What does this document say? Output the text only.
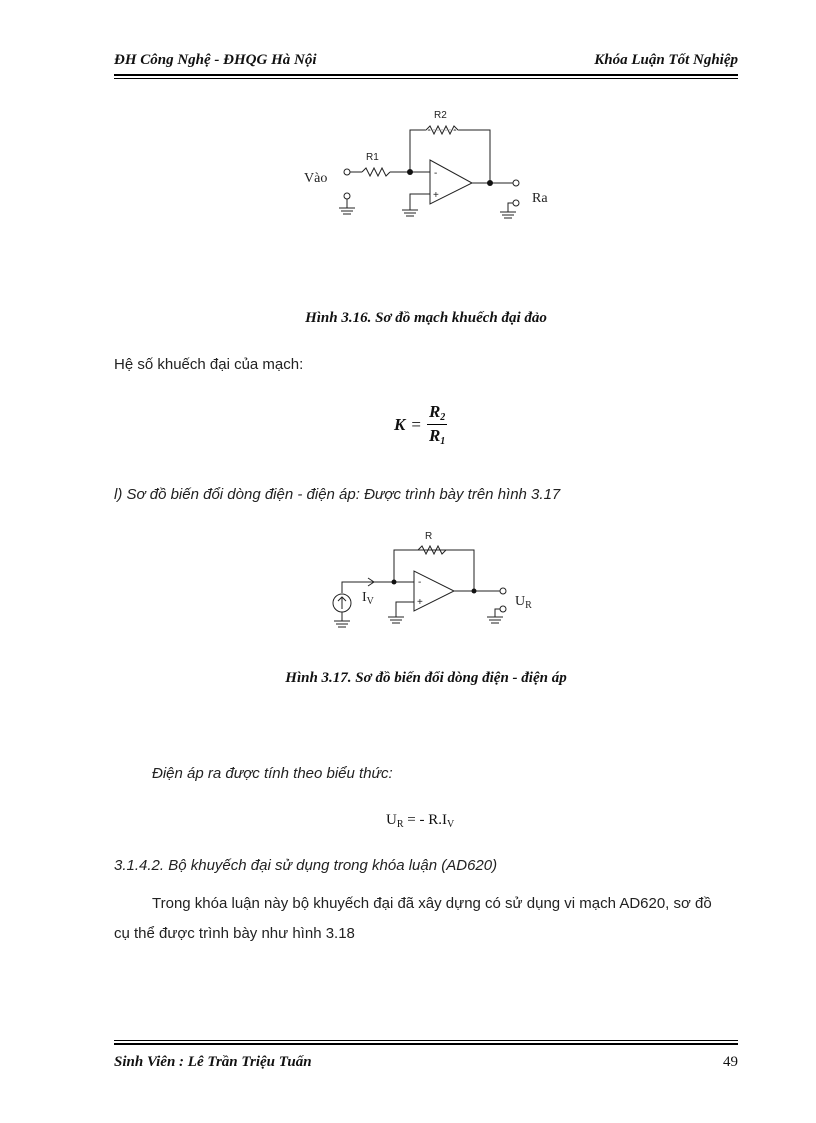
ĐH Công Nghệ - ĐHQG Hà Nội	Khóa Luận Tốt Nghiệp
R2
R1
Vào	-
+	Ra
Hình 3.16. Sơ đồ mạch khuếch đại đảo
Hệ số khuếch đại của mạch:
$K = \frac{R_2}{R_1}$
l) Sơ đồ biến đổi dòng điện - điện áp: Được trình bày trên hình 3.17
R
$I_V$
-
+	$U_R$
Hình 3.17. Sơ đồ biến đổi dòng điện - điện áp
Điện áp ra được tính theo biểu thức:
$U_R$ = - $R.I_V$
3.1.4.2. Bộ khuyếch đại sử dụng trong khóa luận (AD620)
Trong khóa luận này bộ khuyếch đại đã xây dựng có sử dụng vi mạch AD620, sơ đồ
cụ thể được trình bày như hình 3.18
Sinh Viên : Lê Trần Triệu Tuấn	49
